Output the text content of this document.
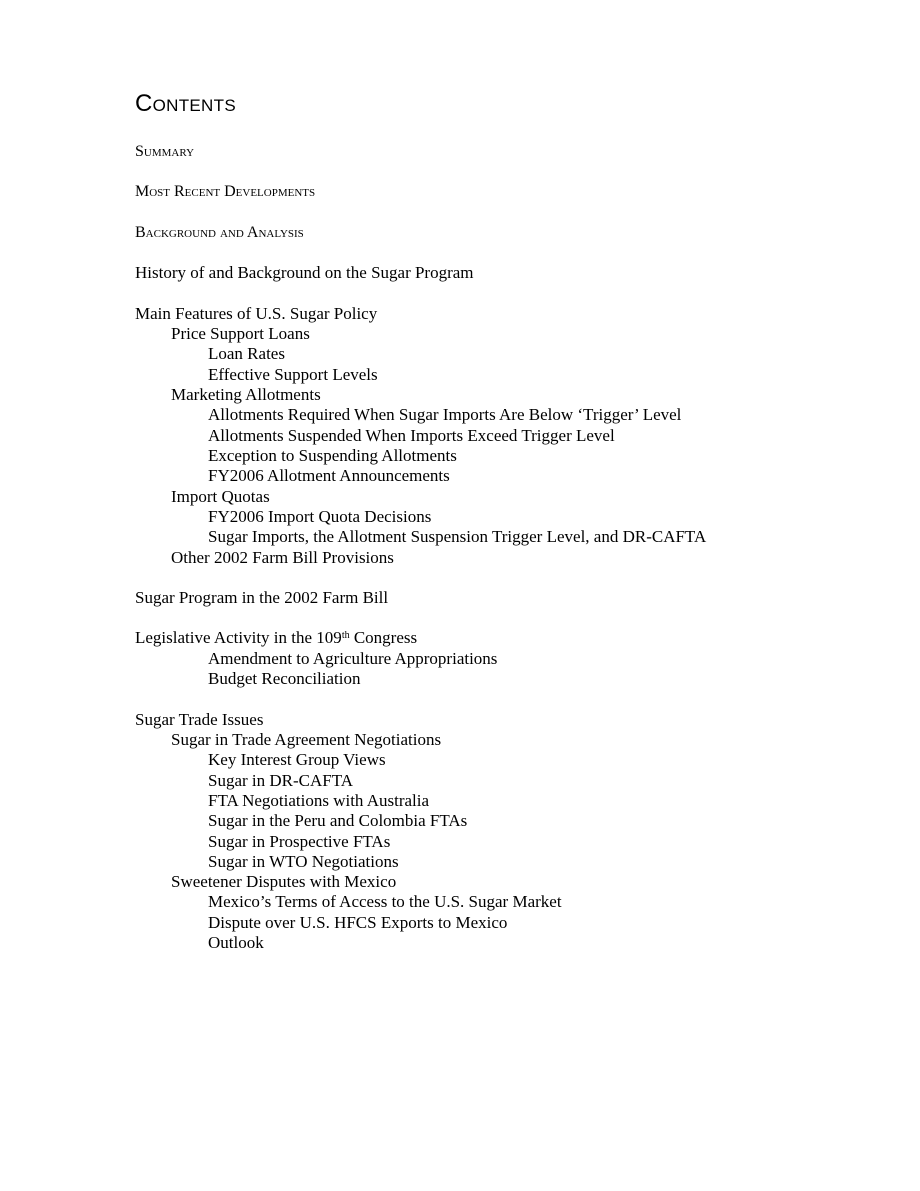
Contents
Summary
Most Recent Developments
Background and Analysis
History of and Background on the Sugar Program
Main Features of U.S. Sugar Policy
Price Support Loans
Loan Rates
Effective Support Levels
Marketing Allotments
Allotments Required When Sugar Imports Are Below ‘Trigger’ Level
Allotments Suspended When Imports Exceed Trigger Level
Exception to Suspending Allotments
FY2006 Allotment Announcements
Import Quotas
FY2006 Import Quota Decisions
Sugar Imports, the Allotment Suspension Trigger Level, and DR-CAFTA
Other 2002 Farm Bill Provisions
Sugar Program in the 2002 Farm Bill
Legislative Activity in the 109th Congress
Amendment to Agriculture Appropriations
Budget Reconciliation
Sugar Trade Issues
Sugar in Trade Agreement Negotiations
Key Interest Group Views
Sugar in DR-CAFTA
FTA Negotiations with Australia
Sugar in the Peru and Colombia FTAs
Sugar in Prospective FTAs
Sugar in WTO Negotiations
Sweetener Disputes with Mexico
Mexico’s Terms of Access to the U.S. Sugar Market
Dispute over U.S. HFCS Exports to Mexico
Outlook
